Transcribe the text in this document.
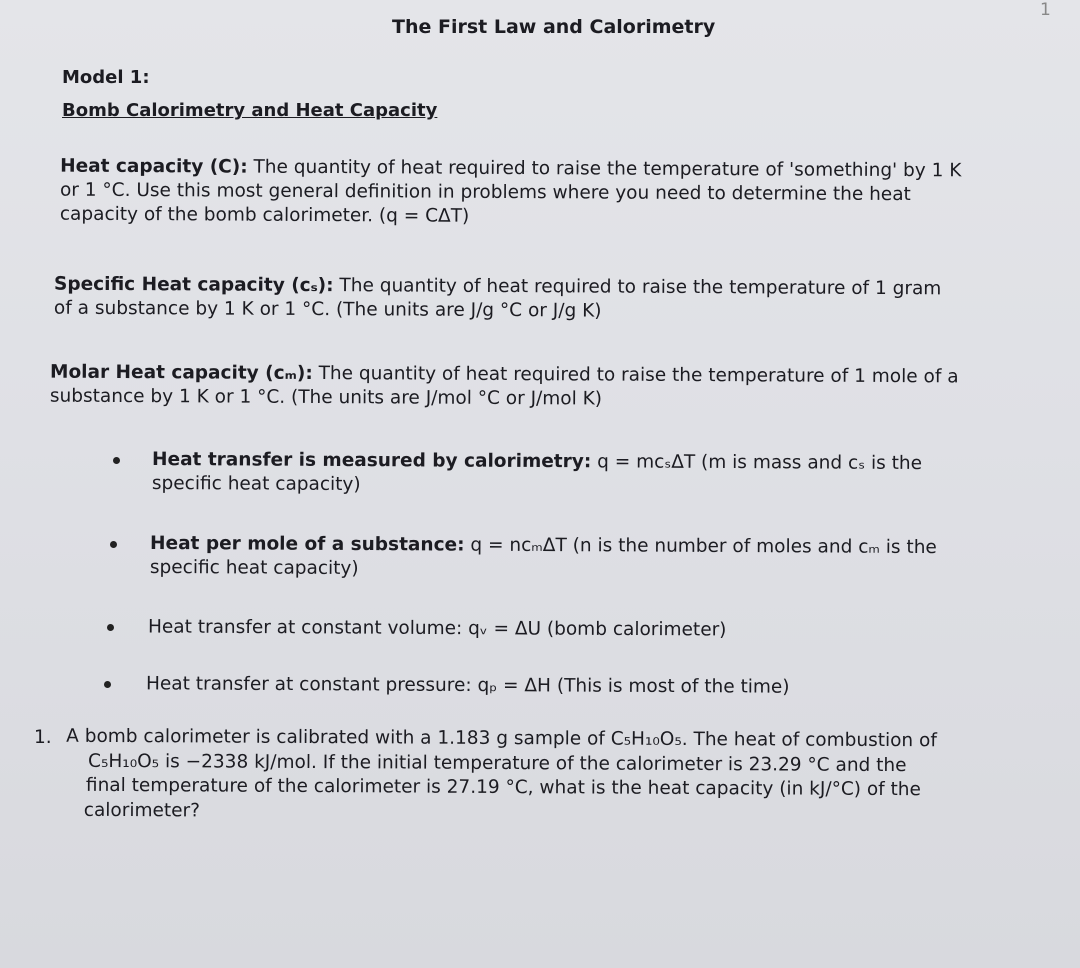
1
The First Law and Calorimetry
Model 1:
Bomb Calorimetry and Heat Capacity
Heat capacity (C): The quantity of heat required to raise the temperature of 'something' by 1 K
or 1 °C. Use this most general definition in problems where you need to determine the heat
capacity of the bomb calorimeter. (q = CΔT)
Specific Heat capacity (cₛ): The quantity of heat required to raise the temperature of 1 gram
of a substance by 1 K or 1 °C. (The units are J/g °C or J/g K)
Molar Heat capacity (cₘ): The quantity of heat required to raise the temperature of 1 mole of a
substance by 1 K or 1 °C. (The units are J/mol °C or J/mol K)
Heat transfer is measured by calorimetry: q = mcₛΔT (m is mass and cₛ is the
specific heat capacity)
Heat per mole of a substance: q = ncₘΔT (n is the number of moles and cₘ is the
specific heat capacity)
Heat transfer at constant volume: qᵥ = ΔU (bomb calorimeter)
Heat transfer at constant pressure: qₚ = ΔH (This is most of the time)
1. A bomb calorimeter is calibrated with a 1.183 g sample of C₅H₁₀O₅. The heat of combustion of
C₅H₁₀O₅ is −2338 kJ/mol. If the initial temperature of the calorimeter is 23.29 °C and the
final temperature of the calorimeter is 27.19 °C, what is the heat capacity (in kJ/°C) of the
calorimeter?
